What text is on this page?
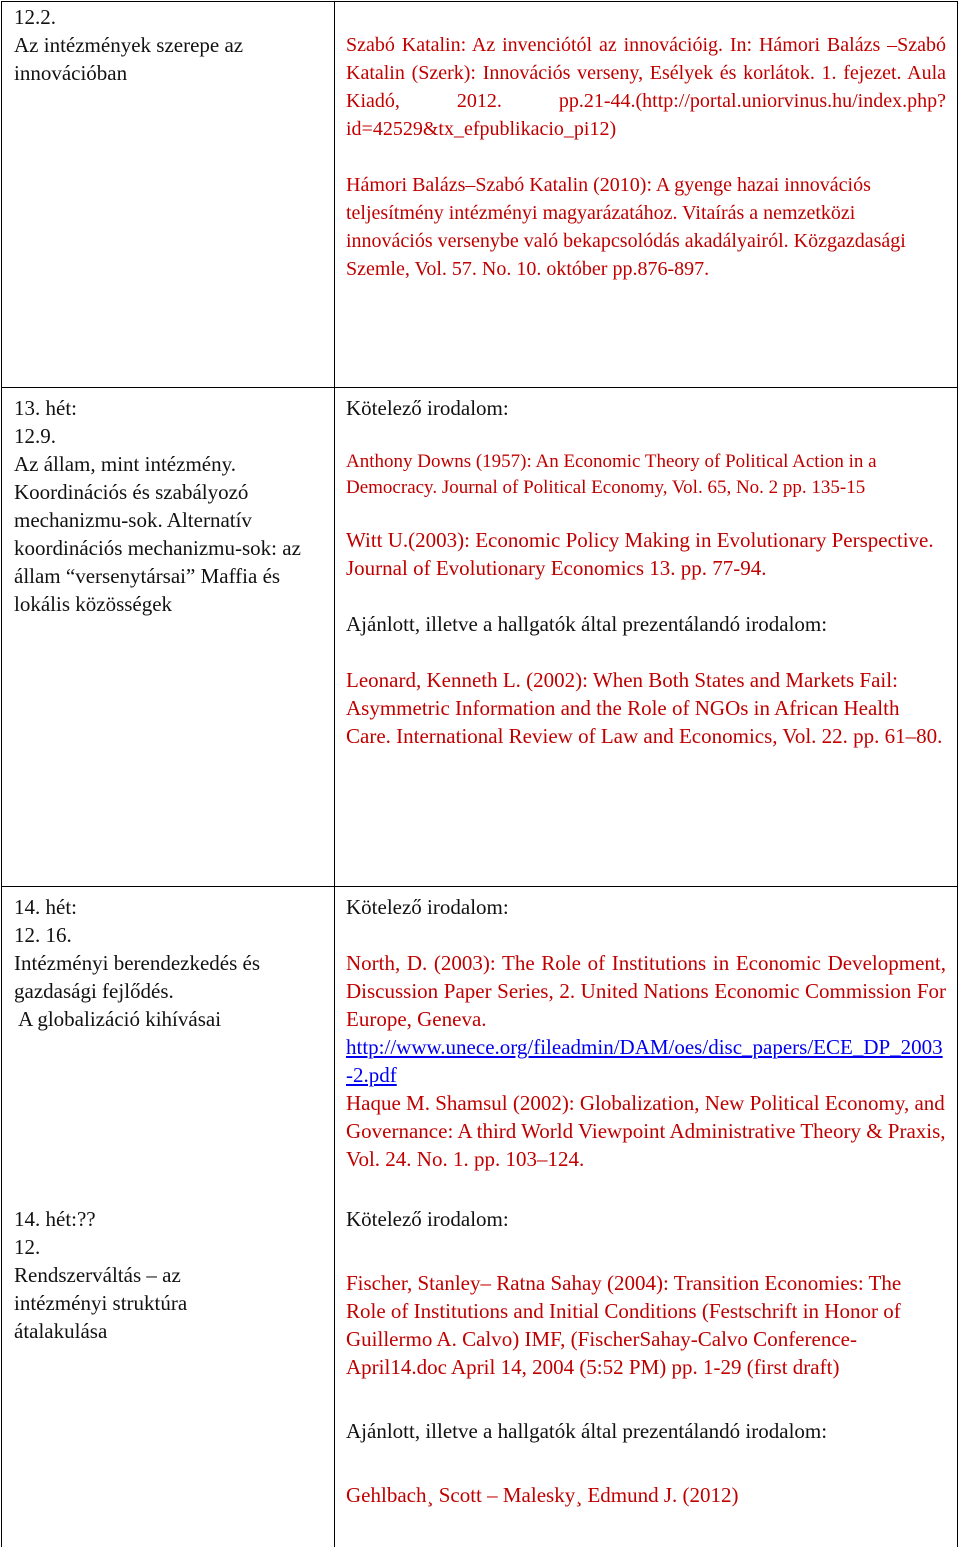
12.2.

Az intézmények szerepe az innovációban

Szabó Katalin: Az invenciótól az innovációig. In: Hámori Balázs –Szabó Katalin (Szerk): Innovációs verseny, Esélyek és korlátok. 1. fejezet. Aula Kiadó, 2012. pp.21-44.(http://portal.uniorvinus.hu/index.php?id=42529&tx_efpublikacio_pi12)

Hámori Balázs–Szabó Katalin (2010): A gyenge hazai innovációs teljesítmény intézményi magyarázatához. Vitaírás a nemzetközi innovációs versenybe való bekapcsolódás akadályairól. Közgazdasági Szemle, Vol. 57. No. 10. október pp.876-897.

13. hét:

12.9.

Az állam, mint intézmény. Koordinációs és szabályozó mechanizmu-sok. Alternatív koordinációs mechanizmu-sok: az állam “versenytársai” Maffia és lokális közösségek

Kötelező irodalom:

Anthony Downs (1957): An Economic Theory of Political Action in a Democracy. Journal of Political Economy, Vol. 65, No. 2 pp. 135-15

Witt U.(2003): Economic Policy Making in Evolutionary Perspective. Journal of Evolutionary Economics 13. pp. 77-94.

Ajánlott, illetve a hallgatók által prezentálandó irodalom:

Leonard, Kenneth L. (2002): When Both States and Markets Fail: Asymmetric Information and the Role of NGOs in African Health Care. International Review of Law and Economics, Vol. 22. pp. 61–80.

14. hét:

12. 16.

Intézményi berendezkedés és gazdasági fejlődés.

A globalizáció kihívásai

Kötelező irodalom:

North, D. (2003): The Role of Institutions in Economic Development, Discussion Paper Series, 2. United Nations Economic Commission For Europe, Geneva.

http://www.unece.org/fileadmin/DAM/oes/disc_papers/ECE_DP_2003-2.pdf

Haque M. Shamsul (2002): Globalization, New Political Economy, and Governance: A third World Viewpoint Administrative Theory & Praxis, Vol. 24. No. 1. pp. 103–124.

14. hét:??

12.

Rendszerváltás – az intézményi struktúra átalakulása

Kötelező irodalom:

Fischer, Stanley– Ratna Sahay (2004): Transition Economies: The Role of Institutions and Initial Conditions (Festschrift in Honor of Guillermo A. Calvo) IMF, (FischerSahay-Calvo Conference-April14.doc April 14, 2004 (5:52 PM) pp. 1-29 (first draft)

Ajánlott, illetve a hallgatók által prezentálandó irodalom:

Gehlbach¸ Scott – Malesky¸ Edmund J. (2012)
